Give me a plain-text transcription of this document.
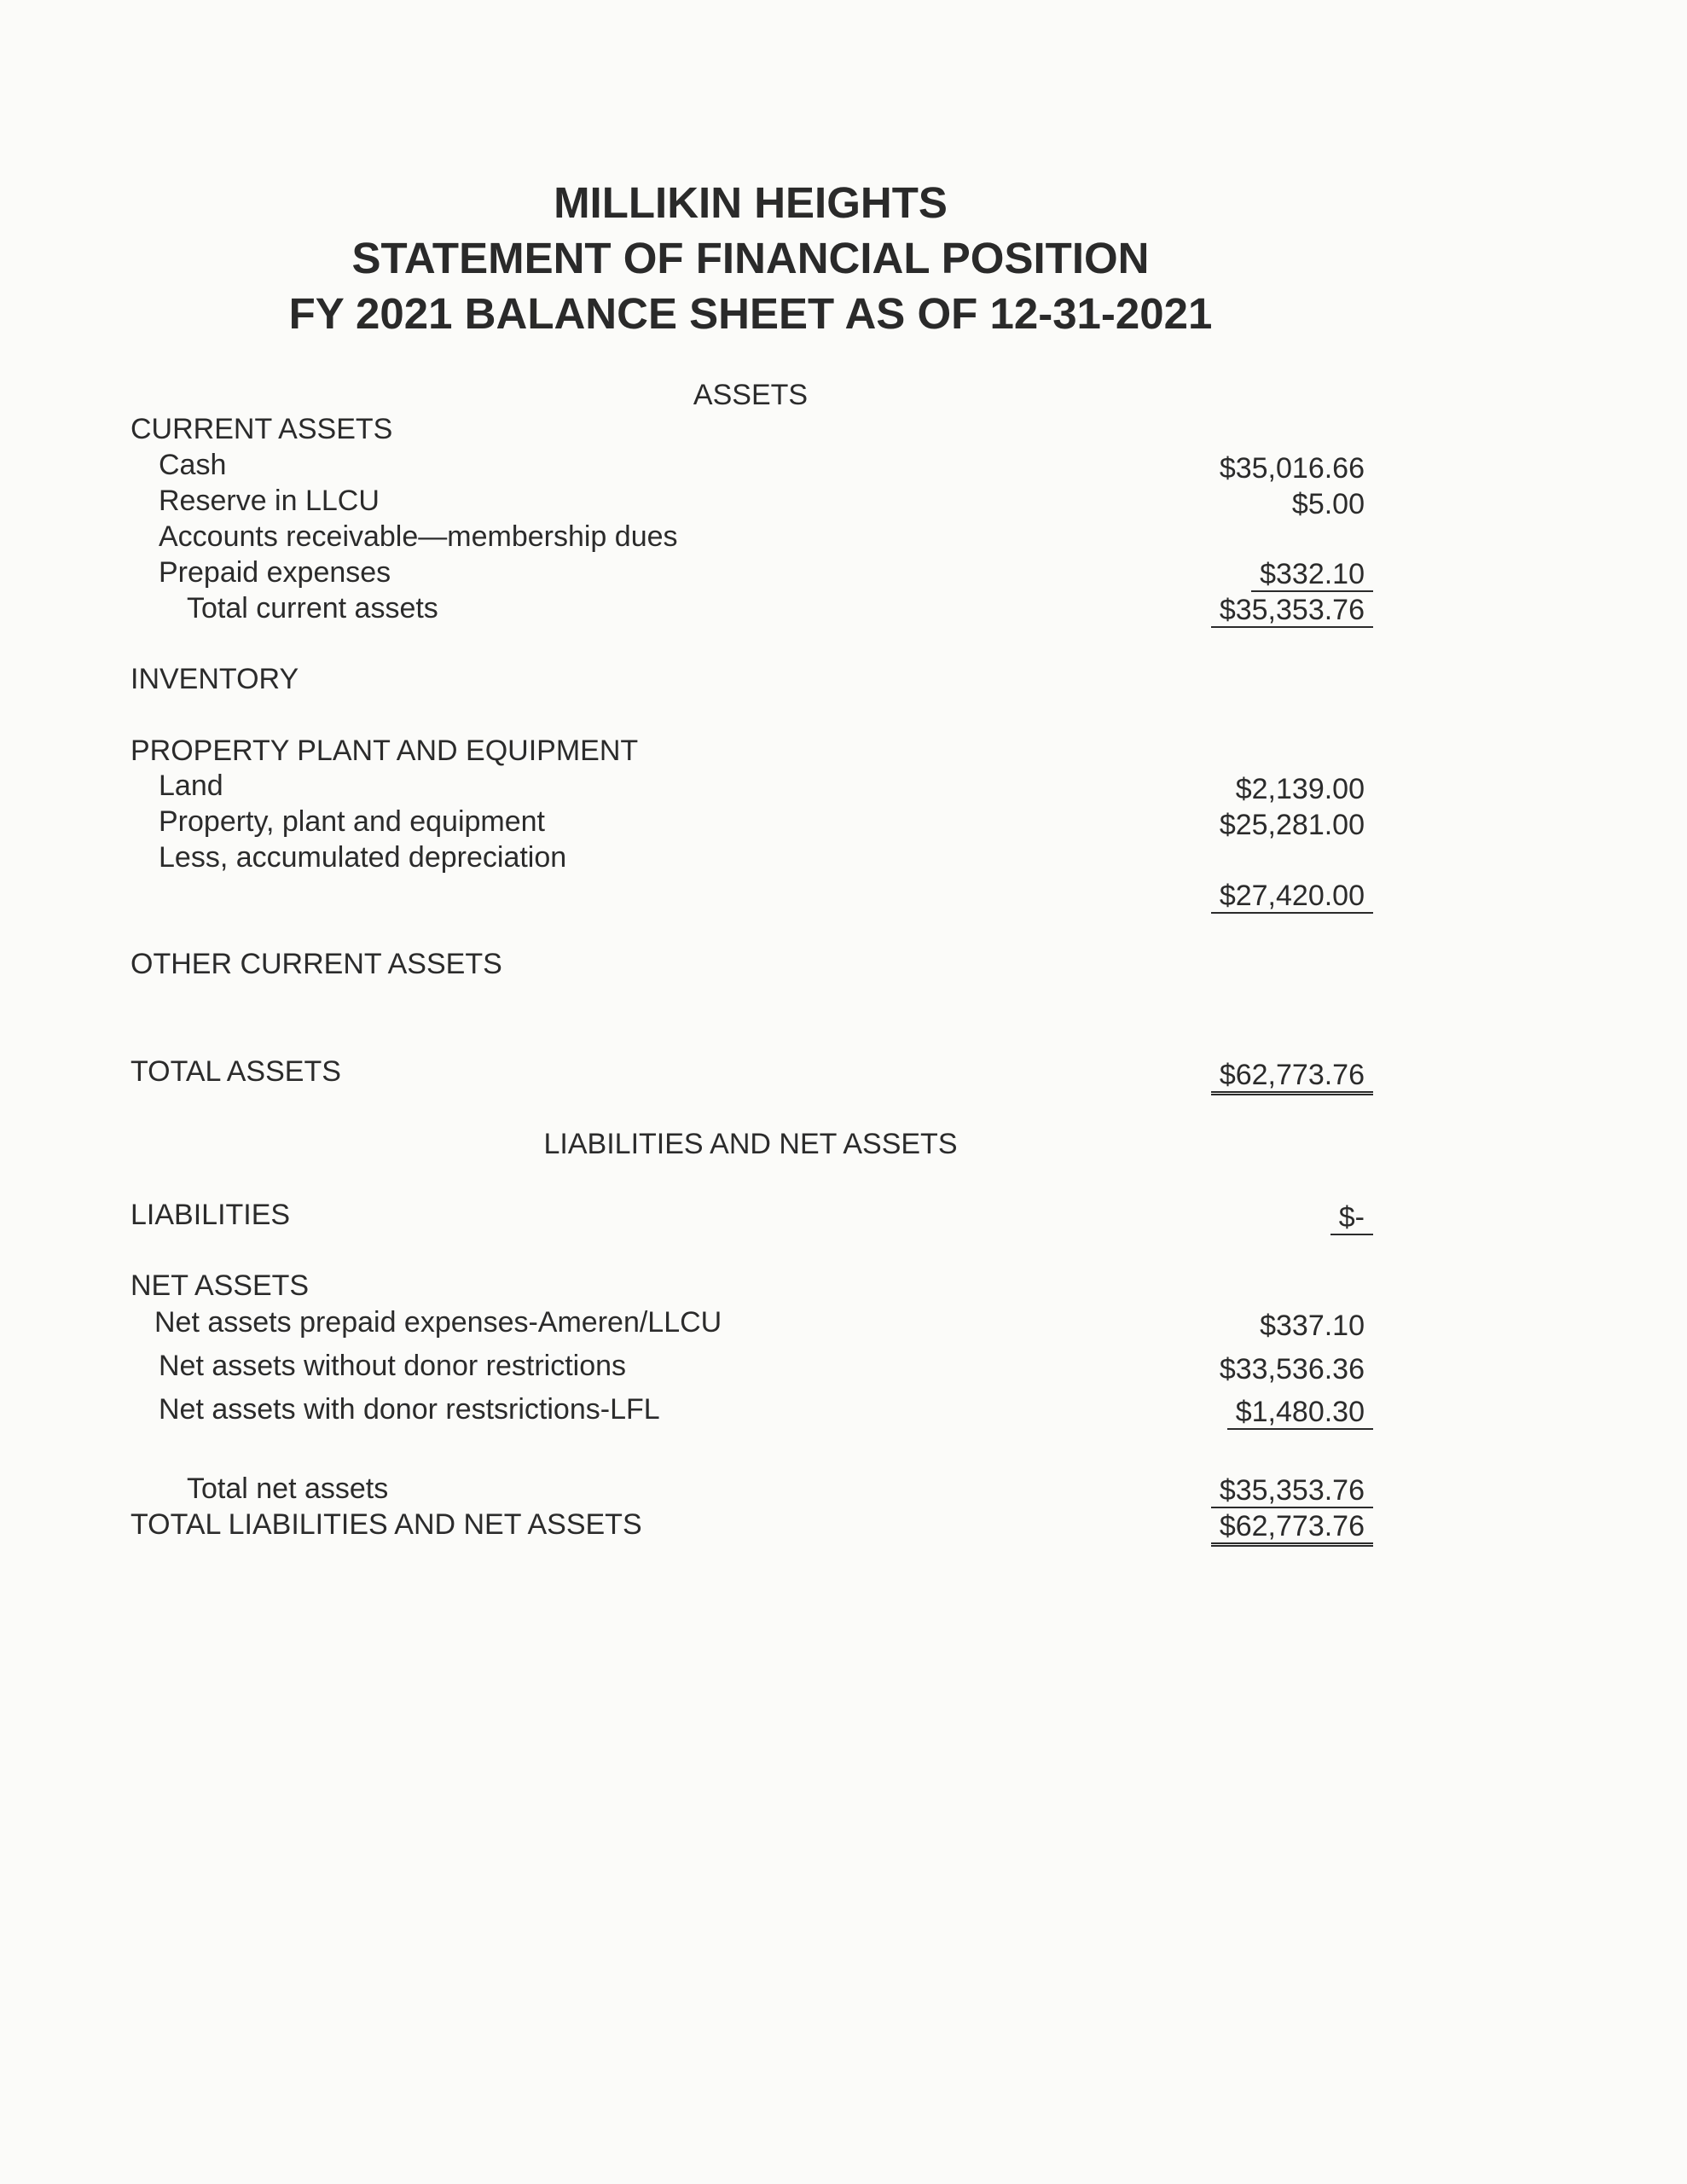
MILLIKIN HEIGHTS
STATEMENT OF FINANCIAL POSITION
FY 2021 BALANCE SHEET AS OF 12-31-2021
ASSETS
CURRENT ASSETS
Cash	$35,016.66
Reserve in LLCU	$5.00
Accounts receivable—membership dues
Prepaid expenses	$332.10
Total current assets	$35,353.76
INVENTORY
PROPERTY PLANT AND EQUIPMENT
Land	$2,139.00
Property, plant and equipment	$25,281.00
Less, accumulated depreciation
$27,420.00
OTHER CURRENT ASSETS
TOTAL ASSETS	$62,773.76
LIABILITIES AND NET ASSETS
LIABILITIES	$-
NET ASSETS
Net assets prepaid expenses-Ameren/LLCU	$337.10
Net assets without donor restrictions	$33,536.36
Net assets with donor restsrictions-LFL	$1,480.30
Total net assets	$35,353.76
TOTAL LIABILITIES AND NET ASSETS	$62,773.76
